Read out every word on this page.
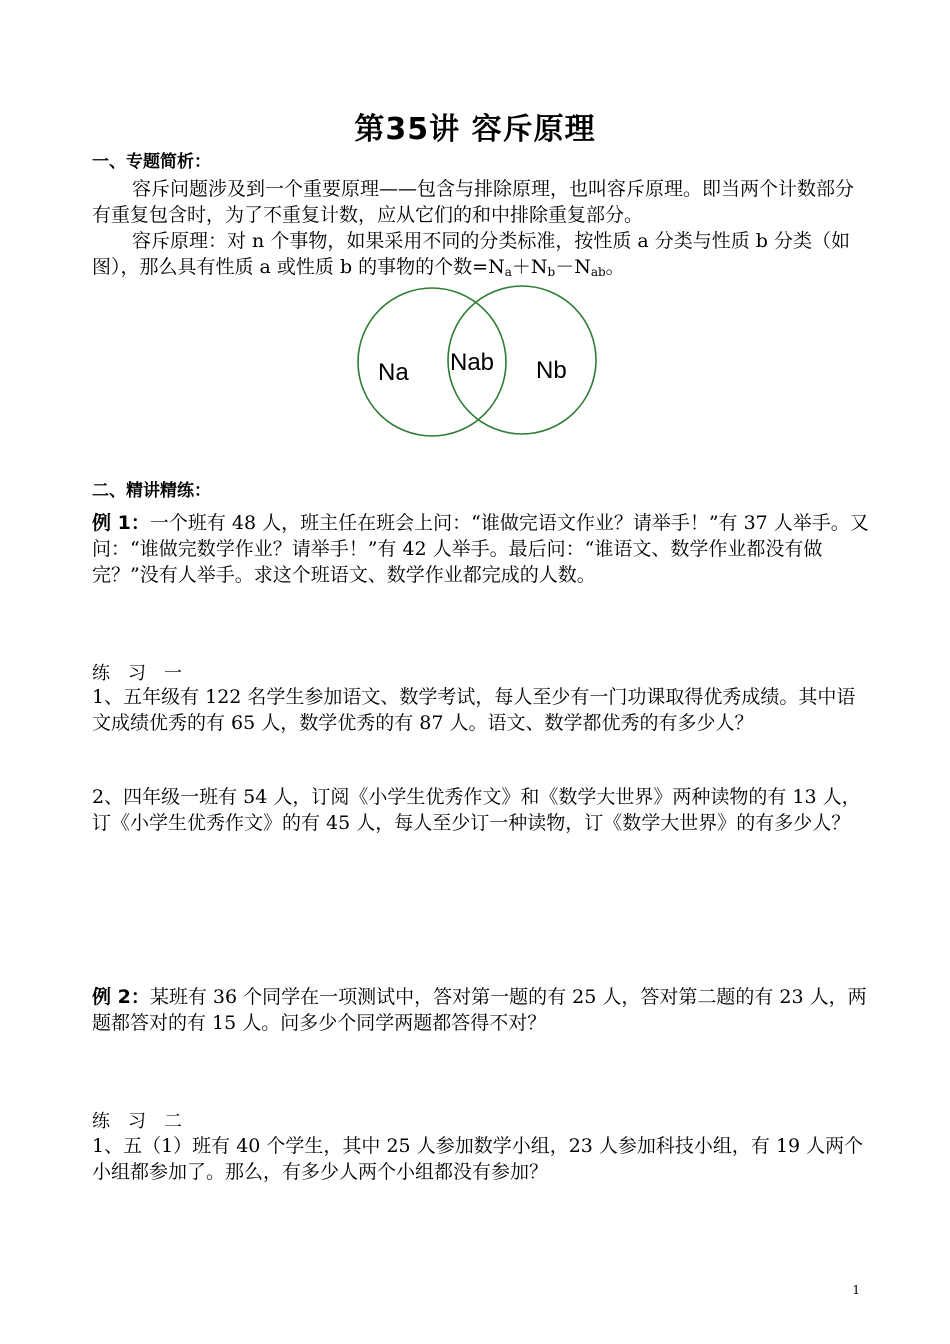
第35讲 容斥原理
一、专题简析：
容斥问题涉及到一个重要原理——包含与排除原理，也叫容斥原理。即当两个计数部分有重复包含时，为了不重复计数，应从它们的和中排除重复部分。
容斥原理：对 n 个事物，如果采用不同的分类标准，按性质 a 分类与性质 b 分类（如图），那么具有性质 a 或性质 b 的事物的个数$=N_a+N_b-N_{ab}$。
Na Nab Nb
二、精讲精练：
例 1：一个班有 48 人，班主任在班会上问：“谁做完语文作业？请举手！”有 37 人举手。又问：“谁做完数学作业？请举手！”有 42 人举手。最后问：“谁语文、数学作业都没有做完？”没有人举手。求这个班语文、数学作业都完成的人数。
练习一
1、五年级有 122 名学生参加语文、数学考试，每人至少有一门功课取得优秀成绩。其中语文成绩优秀的有 65 人，数学优秀的有 87 人。语文、数学都优秀的有多少人？
2、四年级一班有 54 人，订阅《小学生优秀作文》和《数学大世界》两种读物的有 13 人，订《小学生优秀作文》的有 45 人，每人至少订一种读物，订《数学大世界》的有多少人？
例 2：某班有 36 个同学在一项测试中，答对第一题的有 25 人，答对第二题的有 23 人，两题都答对的有 15 人。问多少个同学两题都答得不对？
练习二
1、五（1）班有 40 个学生，其中 25 人参加数学小组，23 人参加科技小组，有 19 人两个小组都参加了。那么，有多少人两个小组都没有参加？
1
